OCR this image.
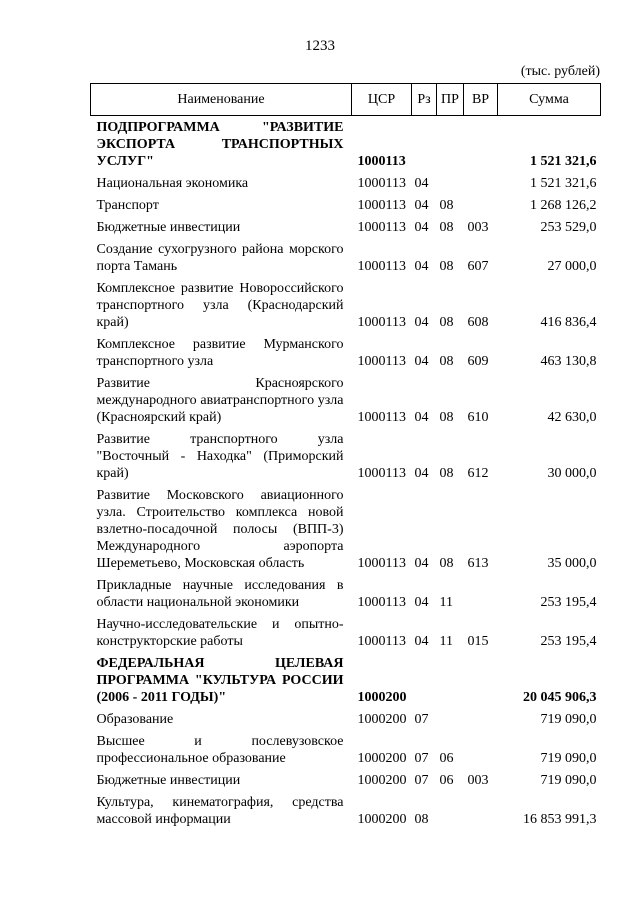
1233
(тыс. рублей)
Наименование	ЦСР	Рз	ПР	ВР	Сумма
ПОДПРОГРАММА "РАЗВИТИЕ ЭКСПОРТА ТРАНСПОРТНЫХ УСЛУГ"	1000113				1 521 321,6
Национальная экономика	1000113	04			1 521 321,6
Транспорт	1000113	04	08		1 268 126,2
Бюджетные инвестиции	1000113	04	08	003	253 529,0
Создание сухогрузного района морского порта Тамань	1000113	04	08	607	27 000,0
Комплексное развитие Новороссийского транспортного узла (Краснодарский край)	1000113	04	08	608	416 836,4
Комплексное развитие Мурманского транспортного узла	1000113	04	08	609	463 130,8
Развитие Красноярского международного авиатранспортного узла (Красноярский край)	1000113	04	08	610	42 630,0
Развитие транспортного узла "Восточный - Находка" (Приморский край)	1000113	04	08	612	30 000,0
Развитие Московского авиационного узла. Строительство комплекса новой взлетно-посадочной полосы (ВПП-3) Международного аэропорта Шереметьево, Московская область	1000113	04	08	613	35 000,0
Прикладные научные исследования в области национальной экономики	1000113	04	11		253 195,4
Научно-исследовательские и опытно-конструкторские работы	1000113	04	11	015	253 195,4
ФЕДЕРАЛЬНАЯ ЦЕЛЕВАЯ ПРОГРАММА "КУЛЬТУРА РОССИИ (2006 - 2011 ГОДЫ)"	1000200				20 045 906,3
Образование	1000200	07			719 090,0
Высшее и послевузовское профессиональное образование	1000200	07	06		719 090,0
Бюджетные инвестиции	1000200	07	06	003	719 090,0
Культура, кинематография, средства массовой информации	1000200	08			16 853 991,3
